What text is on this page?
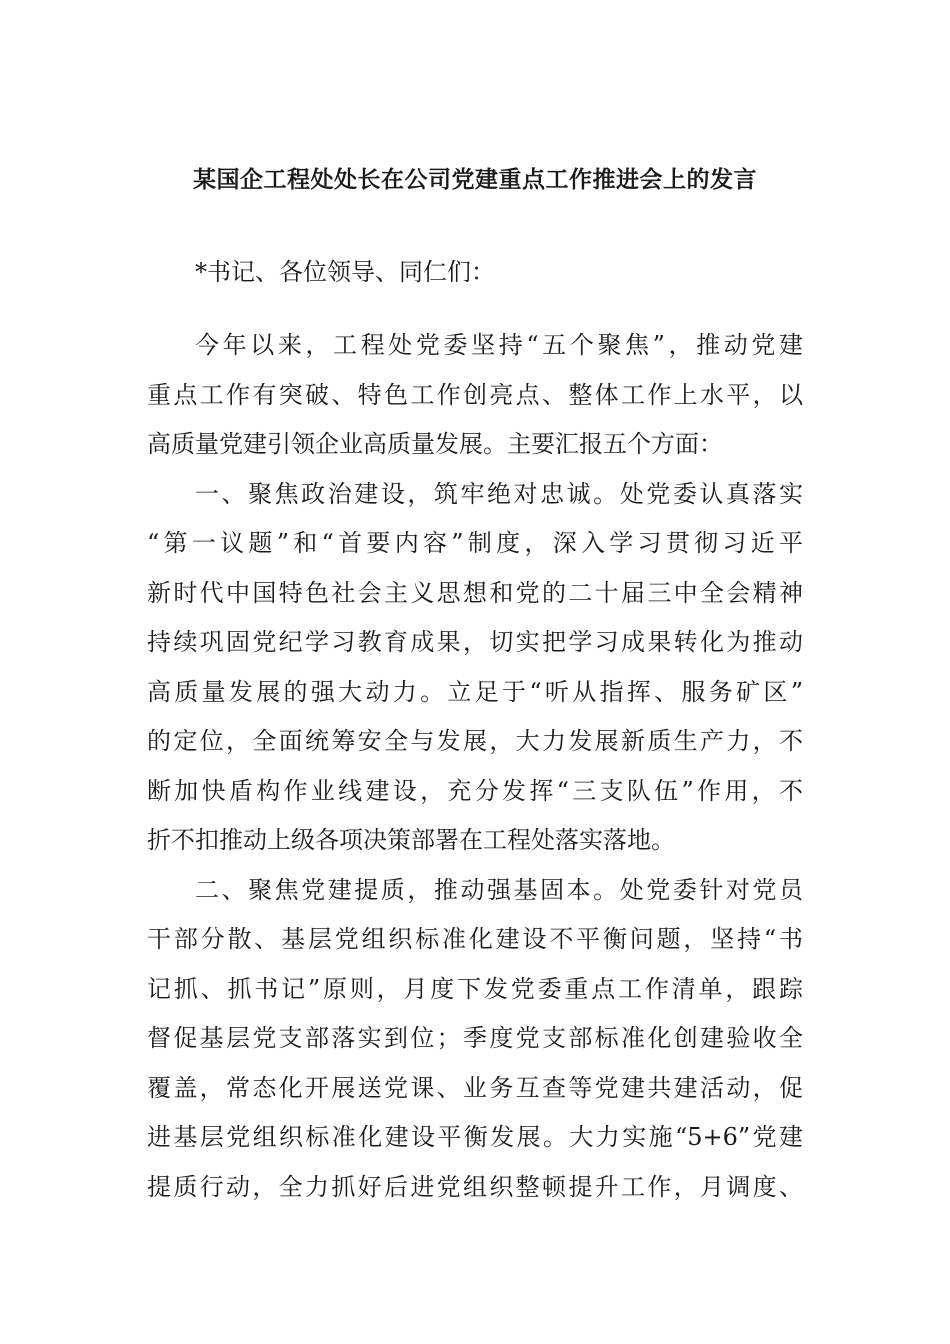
某国企工程处处长在公司党建重点工作推进会上的发言
*书记、各位领导、同仁们：
今年以来，工程处党委坚持“五个聚焦”，推动党建
重点工作有突破、特色工作创亮点、整体工作上水平，以
高质量党建引领企业高质量发展。主要汇报五个方面：
一、聚焦政治建设，筑牢绝对忠诚。处党委认真落实
“第一议题”和“首要内容”制度，深入学习贯彻习近平
新时代中国特色社会主义思想和党的二十届三中全会精神
持续巩固党纪学习教育成果，切实把学习成果转化为推动
高质量发展的强大动力。立足于“听从指挥、服务矿区”
的定位，全面统筹安全与发展，大力发展新质生产力，不
断加快盾构作业线建设，充分发挥“三支队伍”作用，不
折不扣推动上级各项决策部署在工程处落实落地。
二、聚焦党建提质，推动强基固本。处党委针对党员
干部分散、基层党组织标准化建设不平衡问题，坚持“书
记抓、抓书记”原则，月度下发党委重点工作清单，跟踪
督促基层党支部落实到位；季度党支部标准化创建验收全
覆盖，常态化开展送党课、业务互查等党建共建活动，促
进基层党组织标准化建设平衡发展。大力实施“5+6”党建
提质行动，全力抓好后进党组织整顿提升工作，月调度、
